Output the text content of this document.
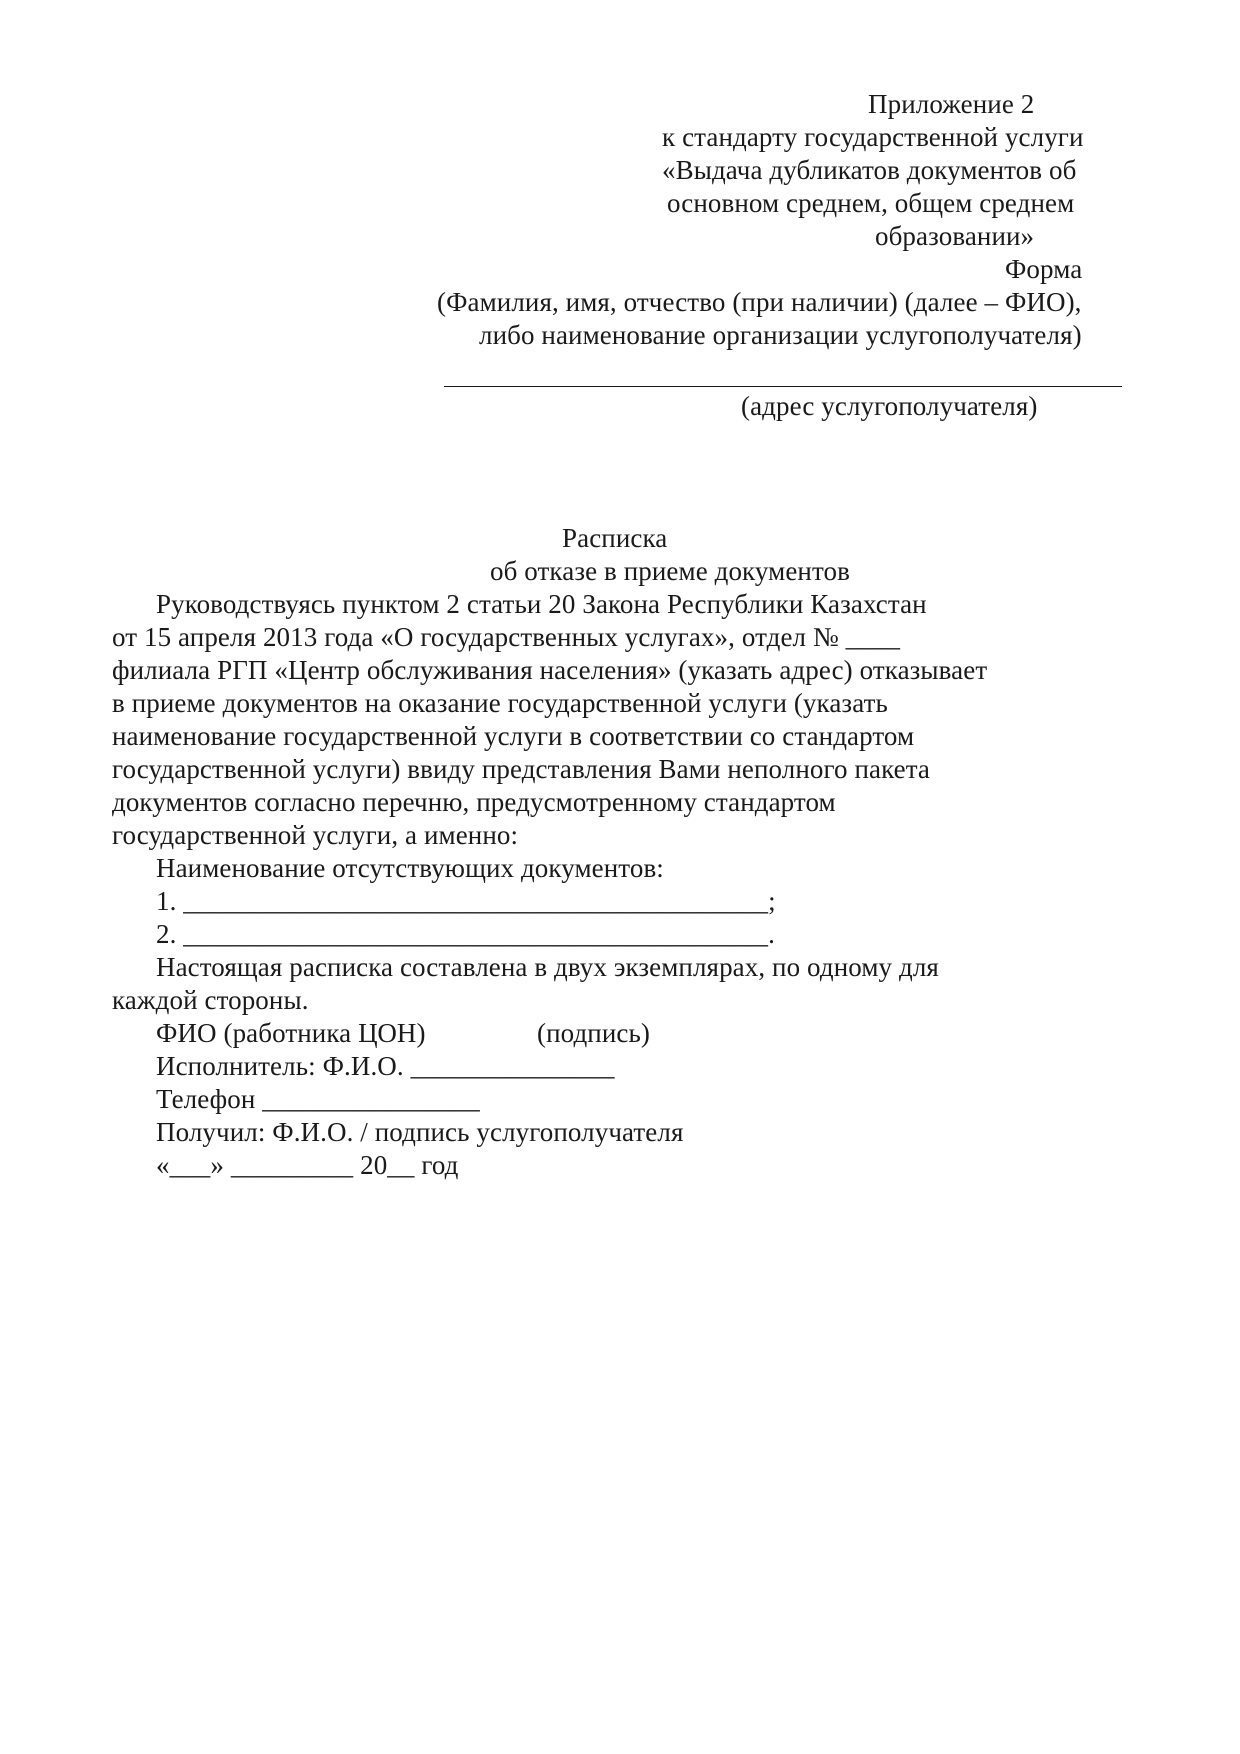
Приложение 2
к стандарту государственной услуги
«Выдача дубликатов документов об
основном среднем, общем среднем
образовании»
Форма
(Фамилия, имя, отчество (при наличии) (далее – ФИО),
либо наименование организации услугополучателя)
(адрес услугополучателя)
Расписка
об отказе в приеме документов
Руководствуясь пунктом 2 статьи 20 Закона Республики Казахстан
от 15 апреля 2013 года «О государственных услугах», отдел № ____
филиала РГП «Центр обслуживания населения» (указать адрес) отказывает
в приеме документов на оказание государственной услуги (указать
наименование государственной услуги в соответствии со стандартом
государственной услуги) ввиду представления Вами неполного пакета
документов согласно перечню, предусмотренному стандартом
государственной услуги, а именно:
Наименование отсутствующих документов:
1. ___________________________________________;
2. ___________________________________________.
Настоящая расписка составлена в двух экземплярах, по одному для
каждой стороны.
ФИО (работника ЦОН)	(подпись)
Исполнитель: Ф.И.О. _______________
Телефон ________________
Получил: Ф.И.О. / подпись услугополучателя
«___» _________ 20__ год
